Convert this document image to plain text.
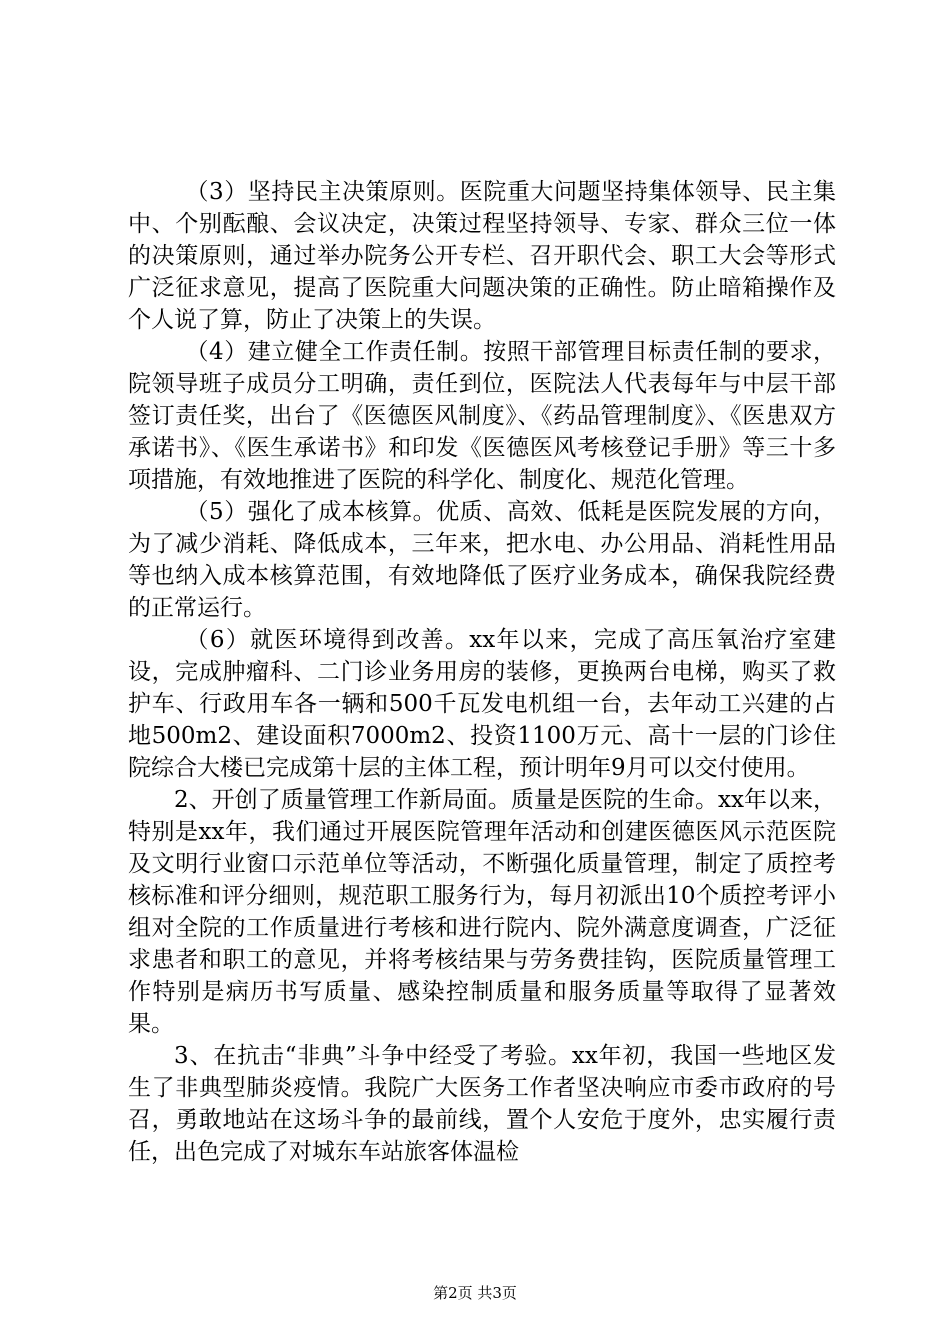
（3）坚持民主决策原则。医院重大问题坚持集体领导、民主集中、个别酝酿、会议决定，决策过程坚持领导、专家、群众三位一体的决策原则，通过举办院务公开专栏、召开职代会、职工大会等形式广泛征求意见，提高了医院重大问题决策的正确性。防止暗箱操作及个人说了算，防止了决策上的失误。

（4）建立健全工作责任制。按照干部管理目标责任制的要求，院领导班子成员分工明确，责任到位，医院法人代表每年与中层干部签订责任奖，出台了《医德医风制度》、《药品管理制度》、《医患双方承诺书》、《医生承诺书》和印发《医德医风考核登记手册》等三十多项措施，有效地推进了医院的科学化、制度化、规范化管理。

（5）强化了成本核算。优质、高效、低耗是医院发展的方向，为了减少消耗、降低成本，三年来，把水电、办公用品、消耗性用品等也纳入成本核算范围，有效地降低了医疗业务成本，确保我院经费的正常运行。

（6）就医环境得到改善。xx年以来，完成了高压氧治疗室建设，完成肿瘤科、二门诊业务用房的装修，更换两台电梯，购买了救护车、行政用车各一辆和500千瓦发电机组一台，去年动工兴建的占地500m2、建设面积7000m2、投资1100万元、高十一层的门诊住院综合大楼已完成第十层的主体工程，预计明年9月可以交付使用。

2、开创了质量管理工作新局面。质量是医院的生命。xx年以来，特别是xx年，我们通过开展医院管理年活动和创建医德医风示范医院及文明行业窗口示范单位等活动，不断强化质量管理，制定了质控考核标准和评分细则，规范职工服务行为，每月初派出10个质控考评小组对全院的工作质量进行考核和进行院内、院外满意度调查，广泛征求患者和职工的意见，并将考核结果与劳务费挂钩，医院质量管理工作特别是病历书写质量、感染控制质量和服务质量等取得了显著效果。

3、在抗击“非典”斗争中经受了考验。xx年初，我国一些地区发生了非典型肺炎疫情。我院广大医务工作者坚决响应市委市政府的号召，勇敢地站在这场斗争的最前线，置个人安危于度外，忠实履行责任，出色完成了对城东车站旅客体温检

第2页 共3页
